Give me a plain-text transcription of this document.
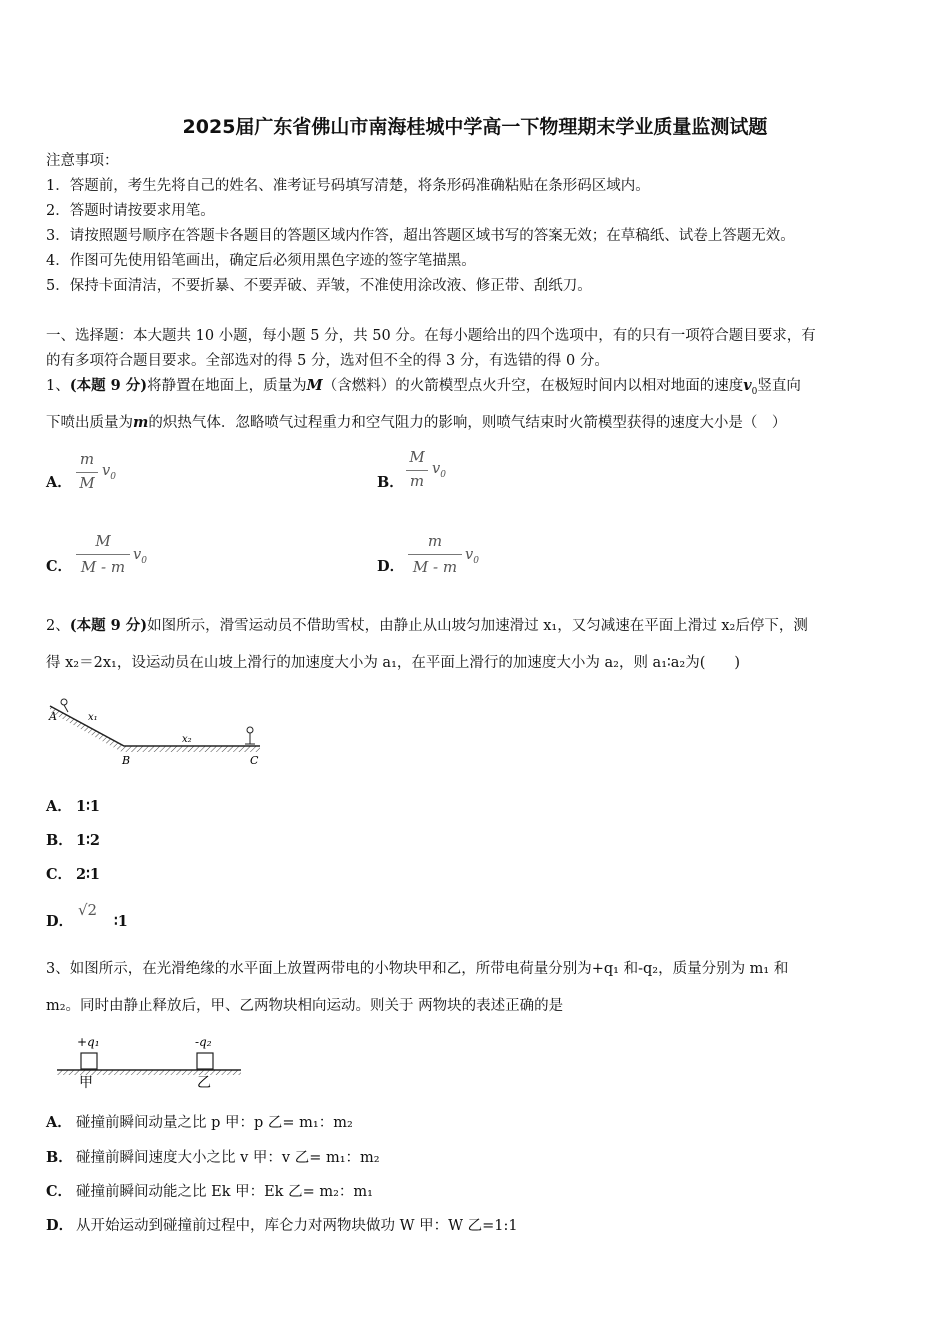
2025届广东省佛山市南海桂城中学高一下物理期末学业质量监测试题
注意事项：
1．答题前，考生先将自己的姓名、准考证号码填写清楚，将条形码准确粘贴在条形码区域内。
2．答题时请按要求用笔。
3．请按照题号顺序在答题卡各题目的答题区域内作答，超出答题区域书写的答案无效；在草稿纸、试卷上答题无效。
4．作图可先使用铅笔画出，确定后必须用黑色字迹的签字笔描黑。
5．保持卡面清洁，不要折暴、不要弄破、弄皱，不准使用涂改液、修正带、刮纸刀。
一、选择题：本大题共 10 小题，每小题 5 分，共 50 分。在每小题给出的四个选项中，有的只有一项符合题目要求，有
的有多项符合题目要求。全部选对的得 5 分，选对但不全的得 3 分，有选错的得 0 分。
1、(本题 9 分)将静置在地面上，质量为M（含燃料）的火箭模型点火升空，在极短时间内以相对地面的速度$v_0$竖直向
下喷出质量为m的炽热气体．忽略喷气过程重力和空气阻力的影响，则喷气结束时火箭模型获得的速度大小是（　）
A．
m
M
$v_0$	B．
M
m
$v_0$
C．
M
M - m
$v_0$	D．
m
M - m
$v_0$
2、(本题 9 分)如图所示，滑雪运动员不借助雪杖，由静止从山坡匀加速滑过 x₁，又匀减速在平面上滑过 x₂后停下，测
得 x₂＝2x₁，设运动员在山坡上滑行的加速度大小为 a₁，在平面上滑行的加速度大小为 a₂，则 a₁∶a₂为(　　)
A
B	C
x₁
x₂
A． 1∶1
B． 1∶2
C． 2∶1
D．
√2
∶1
3、如图所示，在光滑绝缘的水平面上放置两带电的小物块甲和乙，所带电荷量分别为+q₁ 和-q₂，质量分别为 m₁ 和
m₂。同时由静止释放后，甲、乙两物块相向运动。则关于 两物块的表述正确的是
+q₁	-q₂
甲	乙
A． 碰撞前瞬间动量之比 p 甲：p 乙= m₁：m₂
B． 碰撞前瞬间速度大小之比 v 甲：v 乙= m₁：m₂
C． 碰撞前瞬间动能之比 Ek 甲：Ek 乙= m₂：m₁
D． 从开始运动到碰撞前过程中，库仑力对两物块做功 W 甲：W 乙=1:1
